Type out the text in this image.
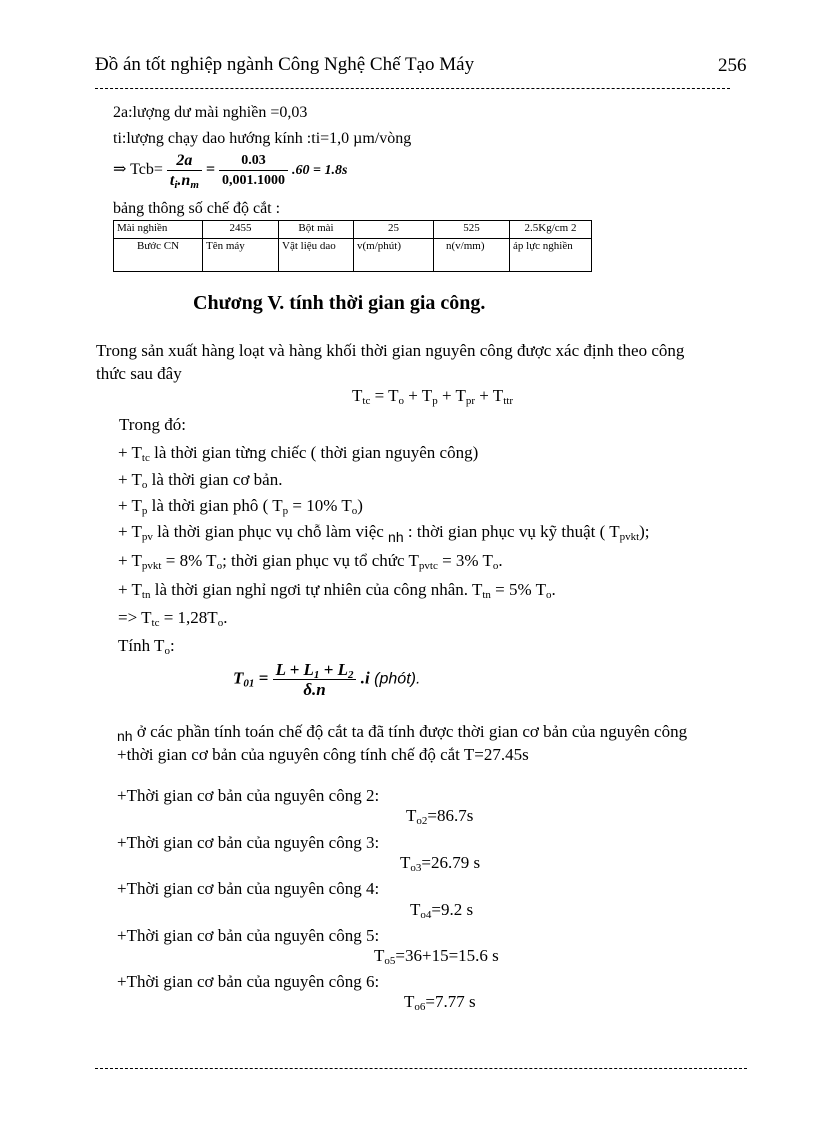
Đồ án tốt nghiệp ngành Công Nghệ Chế Tạo Máy	256
2a:lượng dư mài nghiền =0,03
ti:lượng chạy dao hướng kính :ti=1,0 µm/vòng
⇒ $Tcb= \frac{2a}{t_i.n_m} = \frac{0.03}{0,001.1000} .60 = 1.8s$
bảng thông số chế độ cắt :
Mài nghiền	2455	Bột mài	25	525	2.5Kg/cm 2
Bước CN	Tên máy	Vật liệu dao	v(m/phút)	n(v/mm)	áp lực nghiền
Chương V. tính thời gian gia công.
Trong sản xuất hàng loạt và hàng khối thời gian nguyên công được xác định theo công
thức sau đây
$T_{tc} = T_o + T_p + T_{pr} + T_{ttr}$
Trong đó:
+ $T_{tc}$ là thời gian từng chiếc ( thời gian nguyên công)
+ $T_o$ là thời gian cơ bản.
+ $T_p$ là thời gian phô ( $T_p = 10\%$ $T_o$)
+ $T_{pv}$ là thời gian phục vụ chỗ làm việc $_{nh}$ : thời gian phục vụ kỹ thuật ( $T_{pvkt}$);
+ $T_{pvkt} = 8\%$ $T_o$; thời gian phục vụ tổ chức $T_{pvtc} = 3\%$ $T_o$.
+ $T_{tn}$ là thời gian nghỉ ngơi tự nhiên của công nhân. $T_{tn} = 5\%$ $T_o$.
=> $T_{tc} = 1,28T_o$.
Tính $T_o$:
$T_{01} = \frac{L + L_1 + L_2}{\delta.n} .i$ (phót).
$_{nh}$ ở các phần tính toán chế độ cắt ta đã tính được thời gian cơ bản của nguyên công
+thời gian cơ bản của nguyên công tính chế độ cắt T=27.45s
+Thời gian cơ bản của nguyên công 2:
$T_{o2}=86.7s$
+Thời gian cơ bản của nguyên công 3:
$T_{o3}=26.79$ s
+Thời gian cơ bản của nguyên công 4:
$T_{o4}=9.2$ s
+Thời gian cơ bản của nguyên công 5:
$T_{o5}=36+15=15.6$ s
+Thời gian cơ bản của nguyên công 6:
$T_{o6}=7.77$ s
